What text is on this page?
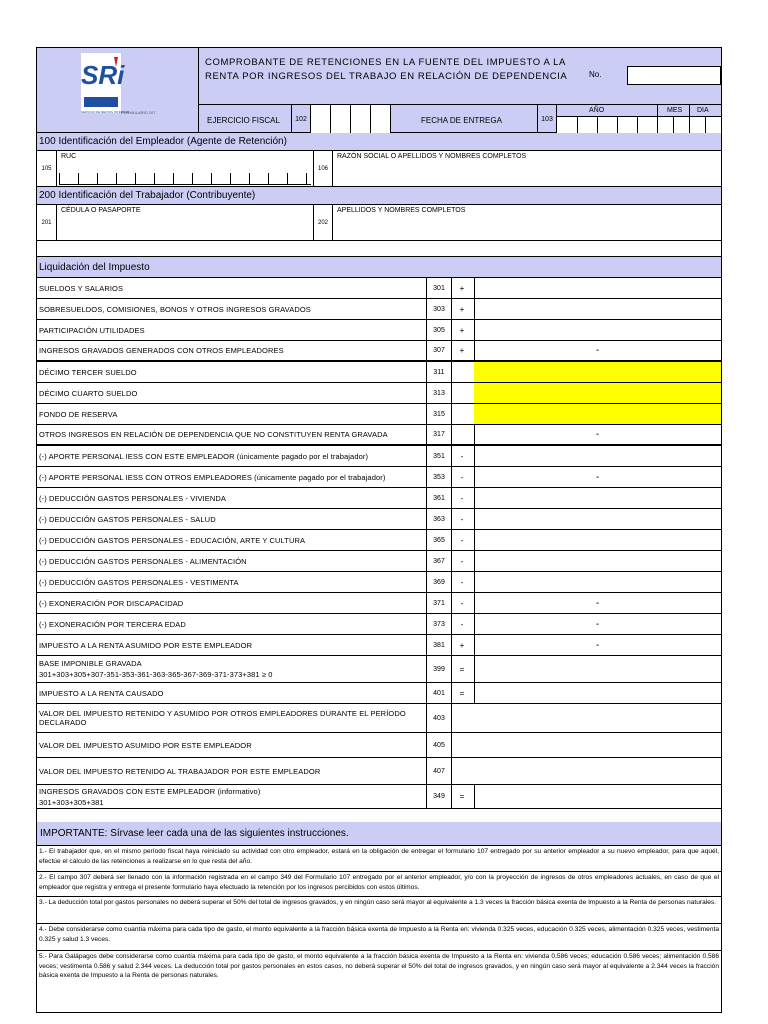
SRi
SERVICIO DE RENTAS INTERNAS
FORMULARIO 107
COMPROBANTE DE RETENCIONES EN LA FUENTE DEL IMPUESTO A LA RENTA POR INGRESOS DEL TRABAJO EN RELACIÓN DE DEPENDENCIA	No.
EJERCICIO FISCAL	102	FECHA DE ENTREGA	103
AÑO	MES DIA
100 Identificación del Empleador (Agente de Retención)
105
RUC
106
RAZÓN SOCIAL O APELLIDOS Y NOMBRES COMPLETOS
200 Identificación del Trabajador (Contribuyente)
201
CÉDULA O PASAPORTE
202
APELLIDOS Y NOMBRES COMPLETOS
Liquidación del Impuesto
SUELDOS Y SALARIOS	301	+
SOBRESUELDOS, COMISIONES, BONOS Y OTROS INGRESOS GRAVADOS	303	+
PARTICIPACIÓN UTILIDADES	305	+
INGRESOS GRAVADOS GENERADOS CON OTROS EMPLEADORES	307	+	-
DÉCIMO TERCER SUELDO	311
DÉCIMO CUARTO SUELDO	313
FONDO DE RESERVA	315
OTROS INGRESOS EN RELACIÓN DE DEPENDENCIA QUE NO CONSTITUYEN RENTA GRAVADA	317	-
(-) APORTE PERSONAL IESS CON ESTE EMPLEADOR (únicamente pagado por el trabajador)	351	-
(-) APORTE PERSONAL IESS CON OTROS EMPLEADORES (únicamente pagado por el trabajador)	353	-	-
(-) DEDUCCIÓN GASTOS PERSONALES - VIVIENDA	361	-
(-) DEDUCCIÓN GASTOS PERSONALES - SALUD	363	-
(-) DEDUCCIÓN GASTOS PERSONALES - EDUCACIÓN, ARTE Y CULTURA	365	-
(-) DEDUCCIÓN GASTOS PERSONALES - ALIMENTACIÓN	367	-
(-) DEDUCCIÓN GASTOS PERSONALES - VESTIMENTA	369	-
(-) EXONERACIÓN POR DISCAPACIDAD	371	-	-
(-) EXONERACIÓN POR TERCERA EDAD	373	-	-
IMPUESTO A LA RENTA ASUMIDO POR ESTE EMPLEADOR	381	+	-
BASE IMPONIBLE GRAVADA
301+303+305+307-351-353-361-363-365-367-369-371-373+381 ≥ 0
399	=
IMPUESTO A LA RENTA CAUSADO	401	=
VALOR DEL IMPUESTO RETENIDO Y ASUMIDO POR OTROS EMPLEADORES DURANTE EL PERÍODO DECLARADO	403
VALOR DEL IMPUESTO ASUMIDO POR ESTE EMPLEADOR	405
VALOR DEL IMPUESTO RETENIDO AL TRABAJADOR POR ESTE EMPLEADOR	407
INGRESOS GRAVADOS CON ESTE EMPLEADOR (informativo)
301+303+305+381
349	=
IMPORTANTE: Sírvase leer cada una de las siguientes instrucciones.
1.- El trabajador que, en el mismo período fiscal haya reiniciado su actividad con otro empleador, estará en la obligación de entregar el formulario 107 entregado por su anterior empleador a su nuevo empleador, para que aquél, efectúe el cálculo de las retenciones a realizarse en lo que resta del año.
2.- El campo 307 deberá ser llenado con la información registrada en el campo 349 del Formulario 107 entregado por el anterior empleador, y/o con la proyección de ingresos de otros empleadores actuales, en caso de que el empleador que registra y entrega el presente formulario haya efectuado la retención por los ingresos percibidos con estos últimos.
3.- La deducción total por gastos personales no deberá superar el 50% del total de ingresos gravados, y en ningún caso será mayor al equivalente a 1.3 veces la fracción básica exenta de Impuesto a la Renta de personas naturales.
4.- Debe considerarse como cuantía máxima para cada tipo de gasto, el monto equivalente a la fracción básica exenta de Impuesto a la Renta en: vivienda 0.325 veces, educación 0.325 veces, alimentación 0.325 veces, vestimenta 0.325 y salud 1.3 veces.
5.- Para Galápagos debe considerarse como cuantía máxima para cada tipo de gasto, el monto equivalente a la fracción básica exenta de Impuesto a la Renta en: vivienda 0.586 veces; educación 0.586 veces; alimentación 0.586 veces; vestimenta 0.586 y salud 2.344 veces. La deducción total por gastos personales en estos casos, no deberá superar el 50% del total de ingresos gravados, y en ningún caso será mayor al equivalente a 2.344 veces la fracción básica exenta de Impuesto a la Renta de personas naturales.
